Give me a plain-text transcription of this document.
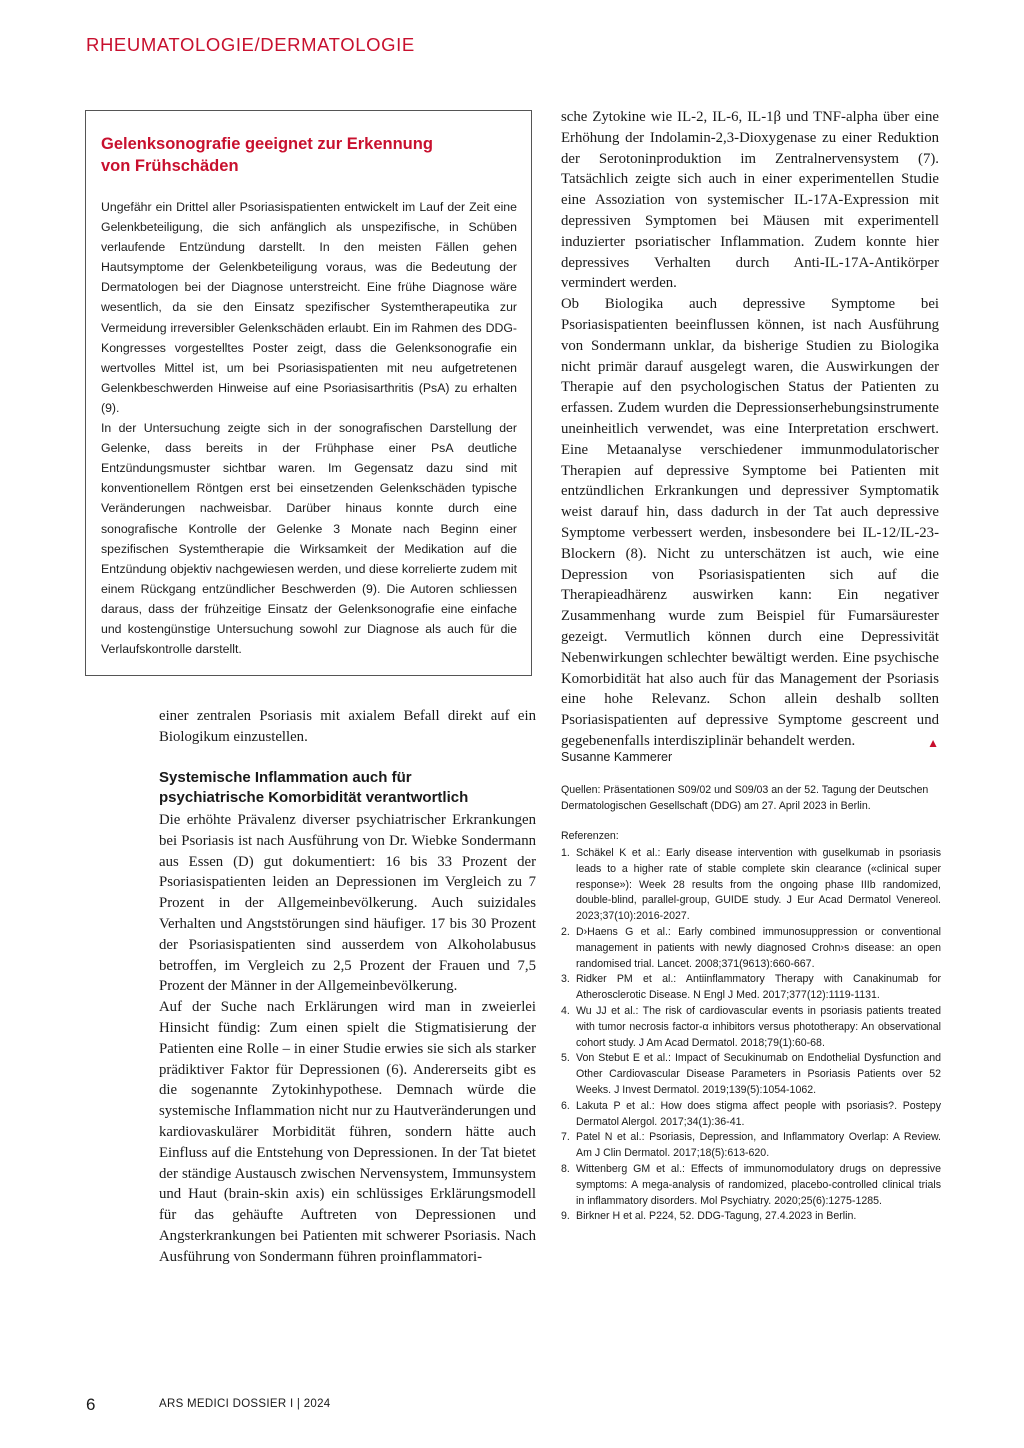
RHEUMATOLOGIE/DERMATOLOGIE
Gelenksonografie geeignet zur Erkennung
von Frühschäden

Ungefähr ein Drittel aller Psoriasispatienten entwickelt im Lauf der Zeit eine Gelenkbeteiligung, die sich anfänglich als unspezifische, in Schüben verlaufende Entzündung darstellt. In den meisten Fällen gehen Hautsymptome der Gelenkbeteiligung voraus, was die Bedeutung der Dermatologen bei der Diagnose unterstreicht. Eine frühe Diagnose wäre wesentlich, da sie den Einsatz spezifischer Systemtherapeutika zur Vermeidung irreversibler Gelenkschäden erlaubt. Ein im Rahmen des DDG-Kongresses vorgestelltes Poster zeigt, dass die Gelenksonografie ein wertvolles Mittel ist, um bei Psoriasispatienten mit neu aufgetretenen Gelenkbeschwerden Hinweise auf eine Psoriasisarthritis (PsA) zu erhalten (9).

In der Untersuchung zeigte sich in der sonografischen Darstellung der Gelenke, dass bereits in der Frühphase einer PsA deutliche Entzündungsmuster sichtbar waren. Im Gegensatz dazu sind mit konventionellem Röntgen erst bei einsetzenden Gelenkschäden typische Veränderungen nachweisbar. Darüber hinaus konnte durch eine sonografische Kontrolle der Gelenke 3 Monate nach Beginn einer spezifischen Systemtherapie die Wirksamkeit der Medikation auf die Entzündung objektiv nachgewiesen werden, und diese korrelierte zudem mit einem Rückgang entzündlicher Beschwerden (9). Die Autoren schliessen daraus, dass der frühzeitige Einsatz der Gelenksonografie eine einfache und kostengünstige Untersuchung sowohl zur Diagnose als auch für die Verlaufskontrolle darstellt.

einer zentralen Psoriasis mit axialem Befall direkt auf ein Biologikum einzustellen.

Systemische Inflammation auch für
psychiatrische Komorbidität verantwortlich

Die erhöhte Prävalenz diverser psychiatrischer Erkrankungen bei Psoriasis ist nach Ausführung von Dr. Wiebke Sondermann aus Essen (D) gut dokumentiert: 16 bis 33 Prozent der Psoriasispatienten leiden an Depressionen im Vergleich zu 7 Prozent in der Allgemeinbevölkerung. Auch suizidales Verhalten und Angststörungen sind häufiger. 17 bis 30 Prozent der Psoriasispatienten sind ausserdem von Alkoholabusus betroffen, im Vergleich zu 2,5 Prozent der Frauen und 7,5 Prozent der Männer in der Allgemeinbevölkerung.

Auf der Suche nach Erklärungen wird man in zweierlei Hinsicht fündig: Zum einen spielt die Stigmatisierung der Patienten eine Rolle – in einer Studie erwies sie sich als starker prädiktiver Faktor für Depressionen (6). Andererseits gibt es die sogenannte Zytokinhypothese. Demnach würde die systemische Inflammation nicht nur zu Hautveränderungen und kardiovaskulärer Morbidität führen, sondern hätte auch Einfluss auf die Entstehung von Depressionen. In der Tat bietet der ständige Austausch zwischen Nervensystem, Immunsystem und Haut (brain-skin axis) ein schlüssiges Erklärungsmodell für das gehäufte Auftreten von Depressionen und Angsterkrankungen bei Patienten mit schwerer Psoriasis. Nach Ausführung von Sondermann führen proinflammatori-

sche Zytokine wie IL-2, IL-6, IL-1β und TNF-alpha über eine Erhöhung der Indolamin-2,3-Dioxygenase zu einer Reduktion der Serotoninproduktion im Zentralnervensystem (7). Tatsächlich zeigte sich auch in einer experimentellen Studie eine Assoziation von systemischer IL-17A-Expression mit depressiven Symptomen bei Mäusen mit experimentell induzierter psoriatischer Inflammation. Zudem konnte hier depressives Verhalten durch Anti-IL-17A-Antikörper vermindert werden.

Ob Biologika auch depressive Symptome bei Psoriasispatienten beeinflussen können, ist nach Ausführung von Sondermann unklar, da bisherige Studien zu Biologika nicht primär darauf ausgelegt waren, die Auswirkungen der Therapie auf den psychologischen Status der Patienten zu erfassen. Zudem wurden die Depressionserhebungsinstrumente uneinheitlich verwendet, was eine Interpretation erschwert. Eine Metaanalyse verschiedener immunmodulatorischer Therapien auf depressive Symptome bei Patienten mit entzündlichen Erkrankungen und depressiver Symptomatik weist darauf hin, dass dadurch in der Tat auch depressive Symptome verbessert werden, insbesondere bei IL-12/IL-23-Blockern (8). Nicht zu unterschätzen ist auch, wie eine Depression von Psoriasispatienten sich auf die Therapieadhärenz auswirken kann: Ein negativer Zusammenhang wurde zum Beispiel für Fumarsäurester gezeigt. Vermutlich können durch eine Depressivität Nebenwirkungen schlechter bewältigt werden. Eine psychische Komorbidität hat also auch für das Management der Psoriasis eine hohe Relevanz. Schon allein deshalb sollten Psoriasispatienten auf depressive Symptome gescreent und gegebenenfalls interdisziplinär behandelt werden.	▲

Susanne Kammerer

Quellen: Präsentationen S09/02 und S09/03 an der 52. Tagung der Deutschen Dermatologischen Gesellschaft (DDG) am 27. April 2023 in Berlin.

Referenzen:
1. Schäkel K et al.: Early disease intervention with guselkumab in psoriasis leads to a higher rate of stable complete skin clearance («clinical super response»): Week 28 results from the ongoing phase IIIb randomized, double-blind, parallel-group, GUIDE study. J Eur Acad Dermatol Venereol. 2023;37(10):2016-2027.
2. D›Haens G et al.: Early combined immunosuppression or conventional management in patients with newly diagnosed Crohn›s disease: an open randomised trial. Lancet. 2008;371(9613):660-667.
3. Ridker PM et al.: Antiinflammatory Therapy with Canakinumab for Atherosclerotic Disease. N Engl J Med. 2017;377(12):1119-1131.
4. Wu JJ et al.: The risk of cardiovascular events in psoriasis patients treated with tumor necrosis factor-α inhibitors versus phototherapy: An observational cohort study. J Am Acad Dermatol. 2018;79(1):60-68.
5. Von Stebut E et al.: Impact of Secukinumab on Endothelial Dysfunction and Other Cardiovascular Disease Parameters in Psoriasis Patients over 52 Weeks. J Invest Dermatol. 2019;139(5):1054-1062.
6. Lakuta P et al.: How does stigma affect people with psoriasis?. Postepy Dermatol Alergol. 2017;34(1):36-41.
7. Patel N et al.: Psoriasis, Depression, and Inflammatory Overlap: A Review. Am J Clin Dermatol. 2017;18(5):613-620.
8. Wittenberg GM et al.: Effects of immunomodulatory drugs on depressive symptoms: A mega-analysis of randomized, placebo-controlled clinical trials in inflammatory disorders. Mol Psychiatry. 2020;25(6):1275-1285.
9. Birkner H et al. P224, 52. DDG-Tagung, 27.4.2023 in Berlin.
6	ARS MEDICI DOSSIER I | 2024
